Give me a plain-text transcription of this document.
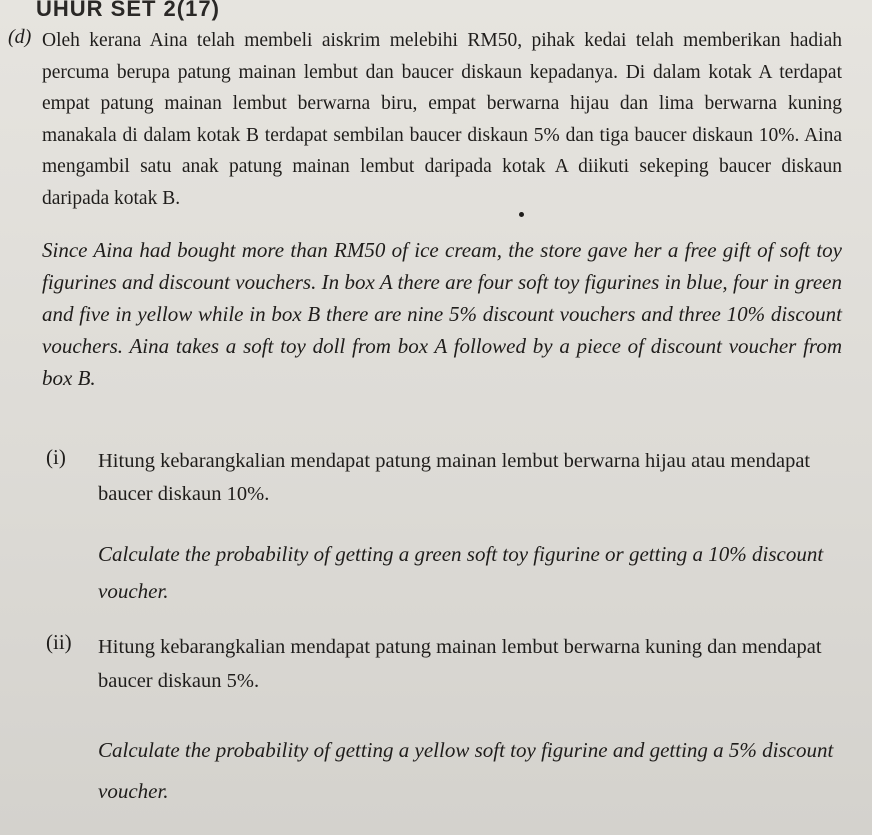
UHUR SET 2(17)
(d) Oleh kerana Aina telah membeli aiskrim melebihi RM50, pihak kedai telah memberikan hadiah percuma berupa patung mainan lembut dan baucer diskaun kepadanya. Di dalam kotak A terdapat empat patung mainan lembut berwarna biru, empat berwarna hijau dan lima berwarna kuning manakala di dalam kotak B terdapat sembilan baucer diskaun 5% dan tiga baucer diskaun 10%. Aina mengambil satu anak patung mainan lembut daripada kotak A diikuti sekeping baucer diskaun daripada kotak B.

Since Aina had bought more than RM50 of ice cream, the store gave her a free gift of soft toy figurines and discount vouchers. In box A there are four soft toy figurines in blue, four in green and five in yellow while in box B there are nine 5% discount vouchers and three 10% discount vouchers. Aina takes a soft toy doll from box A followed by a piece of discount voucher from box B.

(i) Hitung kebarangkalian mendapat patung mainan lembut berwarna hijau atau mendapat baucer diskaun 10%.

Calculate the probability of getting a green soft toy figurine or getting a 10% discount voucher.

(ii) Hitung kebarangkalian mendapat patung mainan lembut berwarna kuning dan mendapat baucer diskaun 5%.

Calculate the probability of getting a yellow soft toy figurine and getting a 5% discount voucher.
